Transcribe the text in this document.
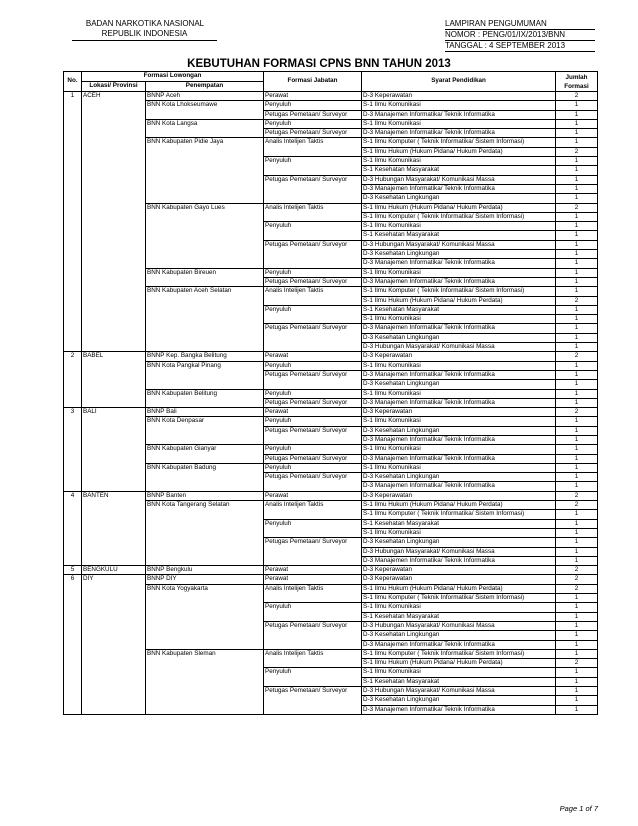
BADAN NARKOTIKA NASIONAL
REPUBLIK INDONESIA
LAMPIRAN PENGUMUMAN
NOMOR : PENG/01/IX/2013/BNN
TANGGAL : 4 SEPTEMBER 2013
KEBUTUHAN FORMASI CPNS BNN TAHUN 2013
No.	Formasi Lowongan		Formasi Jabatan	Syarat Pendidikan	Jumlah Formasi
	Lokasi/ Provinsi	Penempatan			
1	ACEH	BNNP Aceh	Perawat	D-3 Keperawatan	2
		BNN Kota Lhokseumawe	Penyuluh	S-1 Ilmu Komunikasi	1
			Petugas Pemetaan/ Surveyor	D-3 Manajemen Informatika/ Teknik Informatika	1
		BNN Kota Langsa	Penyuluh	S-1 Ilmu Komunikasi	1
			Petugas Pemetaan/ Surveyor	D-3 Manajemen Informatika/ Teknik Informatika	1
		BNN Kabupaten Pidie Jaya	Analis Intelijen Taktis	S-1 Ilmu Komputer ( Teknik Informatika/ Sistem Informasi)	1
				S-1 Ilmu Hukum (Hukum Pidana/ Hukum Perdata)	2
			Penyuluh	S-1 Ilmu Komunikasi	1
				S-1 Kesehatan Masyarakat	1
			Petugas Pemetaan/ Surveyor	D-3 Hubungan Masyarakat/ Komunikasi Massa	1
				D-3 Manajemen Informatika/ Teknik Informatika	1
				D-3 Kesehatan Lingkungan	1
		BNN Kabupaten Gayo Lues	Analis Intelijen Taktis	S-1 Ilmu Hukum (Hukum Pidana/ Hukum Perdata)	2
				S-1 Ilmu Komputer ( Teknik Informatika/ Sistem Informasi)	1
			Penyuluh	S-1 Ilmu Komunikasi	1
				S-1 Kesehatan Masyarakat	1
			Petugas Pemetaan/ Surveyor	D-3 Hubungan Masyarakat/ Komunikasi Massa	1
				D-3 Kesehatan Lingkungan	1
				D-3 Manajemen Informatika/ Teknik Informatika	1
		BNN Kabupaten Bireuen	Penyuluh	S-1 Ilmu Komunikasi	1
			Petugas Pemetaan/ Surveyor	D-3 Manajemen Informatika/ Teknik Informatika	1
		BNN Kabupaten Aceh Selatan	Analis Intelijen Taktis	S-1 Ilmu Komputer ( Teknik Informatika/ Sistem Informasi)	1
				S-1 Ilmu Hukum (Hukum Pidana/ Hukum Perdata)	2
			Penyuluh	S-1 Kesehatan Masyarakat	1
				S-1 Ilmu Komunikasi	1
			Petugas Pemetaan/ Surveyor	D-3 Manajemen Informatika/ Teknik Informatika	1
				D-3 Kesehatan Lingkungan	1
				D-3 Hubungan Masyarakat/ Komunikasi Massa	1
2	BABEL	BNNP Kep. Bangka Belitung	Perawat	D-3 Keperawatan	2
		BNN Kota Pangkal Pinang	Penyuluh	S-1 Ilmu Komunikasi	1
			Petugas Pemetaan/ Surveyor	D-3 Manajemen Informatika/ Teknik Informatika	1
				D-3 Kesehatan Lingkungan	1
		BNN Kabupaten Belitung	Penyuluh	S-1 Ilmu Komunikasi	1
			Petugas Pemetaan/ Surveyor	D-3 Manajemen Informatika/ Teknik Informatika	1
3	BALI	BNNP Bali	Perawat	D-3 Keperawatan	2
		BNN Kota Denpasar	Penyuluh	S-1 Ilmu Komunikasi	1
			Petugas Pemetaan/ Surveyor	D-3 Kesehatan Lingkungan	1
				D-3 Manajemen Informatika/ Teknik Informatika	1
		BNN Kabupaten Gianyar	Penyuluh	S-1 Ilmu Komunikasi	1
			Petugas Pemetaan/ Surveyor	D-3 Manajemen Informatika/ Teknik Informatika	1
		BNN Kabupaten Badung	Penyuluh	S-1 Ilmu Komunikasi	1
			Petugas Pemetaan/ Surveyor	D-3 Kesehatan Lingkungan	1
				D-3 Manajemen Informatika/ Teknik Informatika	1
4	BANTEN	BNNP Banten	Perawat	D-3 Keperawatan	2
		BNN Kota Tangerang Selatan	Analis Intelijen Taktis	S-1 Ilmu Hukum (Hukum Pidana/ Hukum Perdata)	2
				S-1 Ilmu Komputer ( Teknik Informatika/ Sistem Informasi)	1
			Penyuluh	S-1 Kesehatan Masyarakat	1
				S-1 Ilmu Komunikasi	1
			Petugas Pemetaan/ Surveyor	D-3 Kesehatan Lingkungan	1
				D-3 Hubungan Masyarakat/ Komunikasi Massa	1
				D-3 Manajemen Informatika/ Teknik Informatika	1
5	BENGKULU	BNNP Bengkulu	Perawat	D-3 Keperawatan	2
6	DIY	BNNP DIY	Perawat	D-3 Keperawatan	2
		BNN Kota Yogyakarta	Analis Intelijen Taktis	S-1 Ilmu Hukum (Hukum Pidana/ Hukum Perdata)	2
				S-1 Ilmu Komputer ( Teknik Informatika/ Sistem Informasi)	1
			Penyuluh	S-1 Ilmu Komunikasi	1
				S-1 Kesehatan Masyarakat	1
			Petugas Pemetaan/ Surveyor	D-3 Hubungan Masyarakat/ Komunikasi Massa	1
				D-3 Kesehatan Lingkungan	1
				D-3 Manajemen Informatika/ Teknik Informatika	1
		BNN Kabupaten Sleman	Analis Intelijen Taktis	S-1 Ilmu Komputer ( Teknik Informatika/ Sistem Informasi)	1
				S-1 Ilmu Hukum (Hukum Pidana/ Hukum Perdata)	2
			Penyuluh	S-1 Ilmu Komunikasi	1
				S-1 Kesehatan Masyarakat	1
			Petugas Pemetaan/ Surveyor	D-3 Hubungan Masyarakat/ Komunikasi Massa	1
				D-3 Kesehatan Lingkungan	1
				D-3 Manajemen Informatika/ Teknik Informatika	1
Page 1 of 7
